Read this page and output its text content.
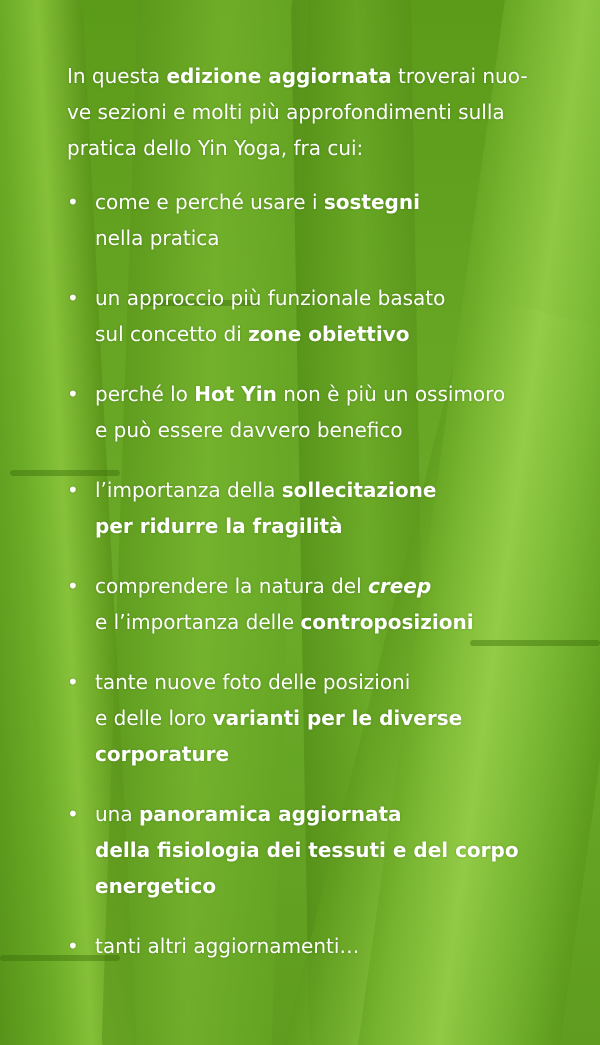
In questa edizione aggiornata troverai nuo-
ve sezioni e molti più approfondimenti sulla
pratica dello Yin Yoga, fra cui:

• come e perché usare i sostegni
nella pratica
• un approccio più funzionale basato
sul concetto di zone obiettivo
• perché lo Hot Yin non è più un ossimoro
e può essere davvero benefico
• l’importanza della sollecitazione
per ridurre la fragilità
• comprendere la natura del creep
e l’importanza delle controposizioni
• tante nuove foto delle posizioni
e delle loro varianti per le diverse
corporature
• una panoramica aggiornata
della fisiologia dei tessuti e del corpo
energetico
• tanti altri aggiornamenti…
